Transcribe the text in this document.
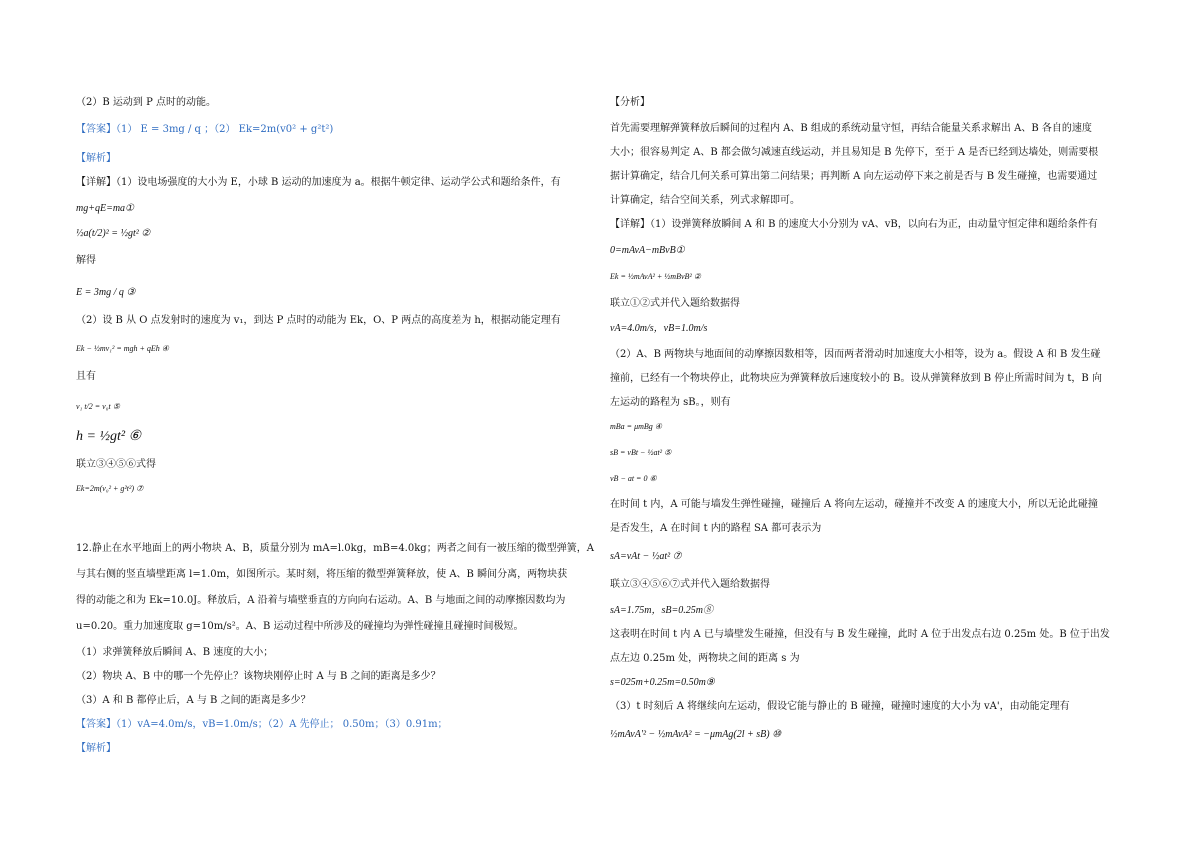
（2）B 运动到 P 点时的动能。
【答案】（1） E = 3mg / q ；（2） Ek=2m(v0² + g²t²)
【解析】
【详解】（1）设电场强度的大小为 E，小球 B 运动的加速度为 a。根据牛顿定律、运动学公式和题给条件，有
mg+qE=ma①
½a(t/2)² = ½gt² ②
解得
E = 3mg / q ③
（2）设 B 从 O 点发射时的速度为 v₁，到达 P 点时的动能为 Ek，O、P 两点的高度差为 h，根据动能定理有
Ek − ½mv₁² = mgh + qEh ④
且有
v₁ t/2 = v₀t ⑤
h = ½gt² ⑥
联立③④⑤⑥式得
Ek=2m(v₀² + g²t²) ⑦
12.静止在水平地面上的两小物块 A、B，质量分别为 mA=l.0kg，mB=4.0kg；两者之间有一被压缩的微型弹簧，A
与其右侧的竖直墙壁距离 l=1.0m，如图所示。某时刻，将压缩的微型弹簧释放，使 A、B 瞬间分离，两物块获
得的动能之和为 Ek=10.0J。释放后，A 沿着与墙壁垂直的方向向右运动。A、B 与地面之间的动摩擦因数均为
u=0.20。重力加速度取 g=10m/s²。A、B 运动过程中所涉及的碰撞均为弹性碰撞且碰撞时间极短。
（1）求弹簧释放后瞬间 A、B 速度的大小；
（2）物块 A、B 中的哪一个先停止？该物块刚停止时 A 与 B 之间的距离是多少？
（3）A 和 B 都停止后，A 与 B 之间的距离是多少？
【答案】（1）vA=4.0m/s，vB=1.0m/s；（2）A 先停止； 0.50m；（3）0.91m；
【解析】
【分析】
首先需要理解弹簧释放后瞬间的过程内 A、B 组成的系统动量守恒，再结合能量关系求解出 A、B 各自的速度
大小；很容易判定 A、B 都会做匀减速直线运动，并且易知是 B 先停下，至于 A 是否已经到达墙处，则需要根
据计算确定，结合几何关系可算出第二问结果；再判断 A 向左运动停下来之前是否与 B 发生碰撞，也需要通过
计算确定，结合空间关系，列式求解即可。
【详解】（1）设弹簧释放瞬间 A 和 B 的速度大小分别为 vA、vB，以向右为正，由动量守恒定律和题给条件有
0=mAvA−mBvB①
Ek = ½mAvA² + ½mBvB² ②
联立①②式并代入题给数据得
vA=4.0m/s，vB=1.0m/s
（2）A、B 两物块与地面间的动摩擦因数相等，因而两者滑动时加速度大小相等，设为 a。假设 A 和 B 发生碰
撞前，已经有一个物块停止，此物块应为弹簧释放后速度较小的 B。设从弹簧释放到 B 停止所需时间为 t，B 向
左运动的路程为 sB。，则有
mBa = μmBg ④
sB = vBt − ½at² ⑤
vB − at = 0 ⑥
在时间 t 内，A 可能与墙发生弹性碰撞，碰撞后 A 将向左运动，碰撞并不改变 A 的速度大小，所以无论此碰撞
是否发生，A 在时间 t 内的路程 SA 都可表示为
sA=vAt − ½at² ⑦
联立③④⑤⑥⑦式并代入题给数据得
sA=1.75m，sB=0.25m⑧
这表明在时间 t 内 A 已与墙壁发生碰撞，但没有与 B 发生碰撞，此时 A 位于出发点右边 0.25m 处。B 位于出发
点左边 0.25m 处，两物块之间的距离 s 为
s=025m+0.25m=0.50m⑨
（3）t 时刻后 A 将继续向左运动，假设它能与静止的 B 碰撞，碰撞时速度的大小为 vA'，由动能定理有
½mAvA'² − ½mAvA² = −μmAg(2l + sB) ⑩
